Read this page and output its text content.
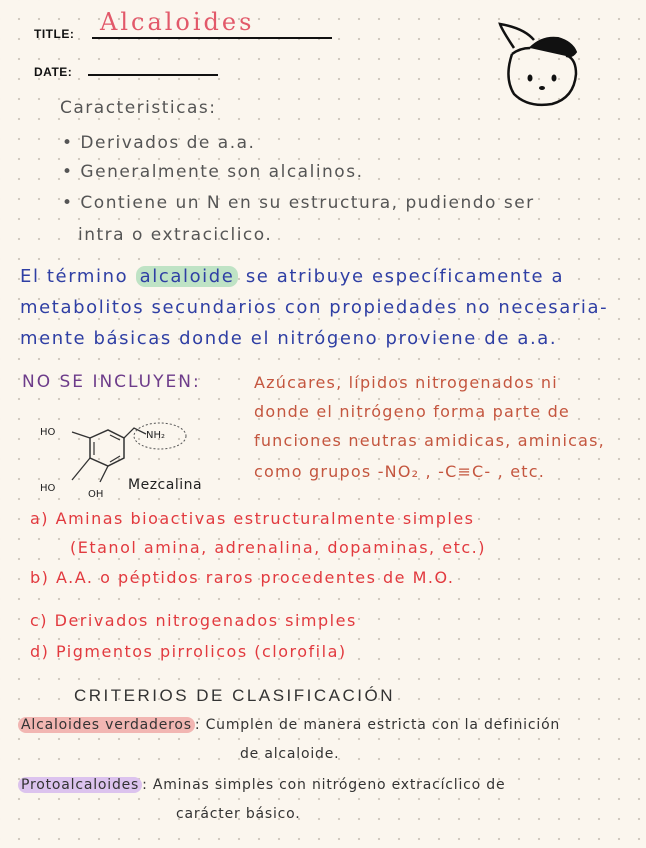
TITLE: Alcaloides
DATE:
Caracteristicas:
• Derivados de a.a.
• Generalmente son alcalinos.
• Contiene un N en su estructura, pudiendo ser
intra o extraciclico.
El término alcaloide se atribuye específicamente a
metabolitos secundarios con propiedades no necesaria-
mente básicas donde el nitrógeno proviene de a.a.
NO SE INCLUYEN:	Azúcares, lípidos nitrogenados ni
donde el nitrógeno forma parte de
funciones neutras amidicas, aminicas,
como grupos -NO₂ , -C≡C- , etc.
HO
HO
OH
NH₂
Mezcalina
a) Aminas bioactivas estructuralmente simples
(Etanol amina, adrenalina, dopaminas, etc.)
b) A.A. o péptidos raros procedentes de M.O.
c) Derivados nitrogenados simples
d) Pigmentos pirrolicos (clorofila)
CRITERIOS DE CLASIFICACIÓN
Alcaloides verdaderos : Cumplen de manera estricta con la definición
de alcaloide.
Protoalcaloides : Aminas simples con nitrógeno extracíclico de
carácter básico.
